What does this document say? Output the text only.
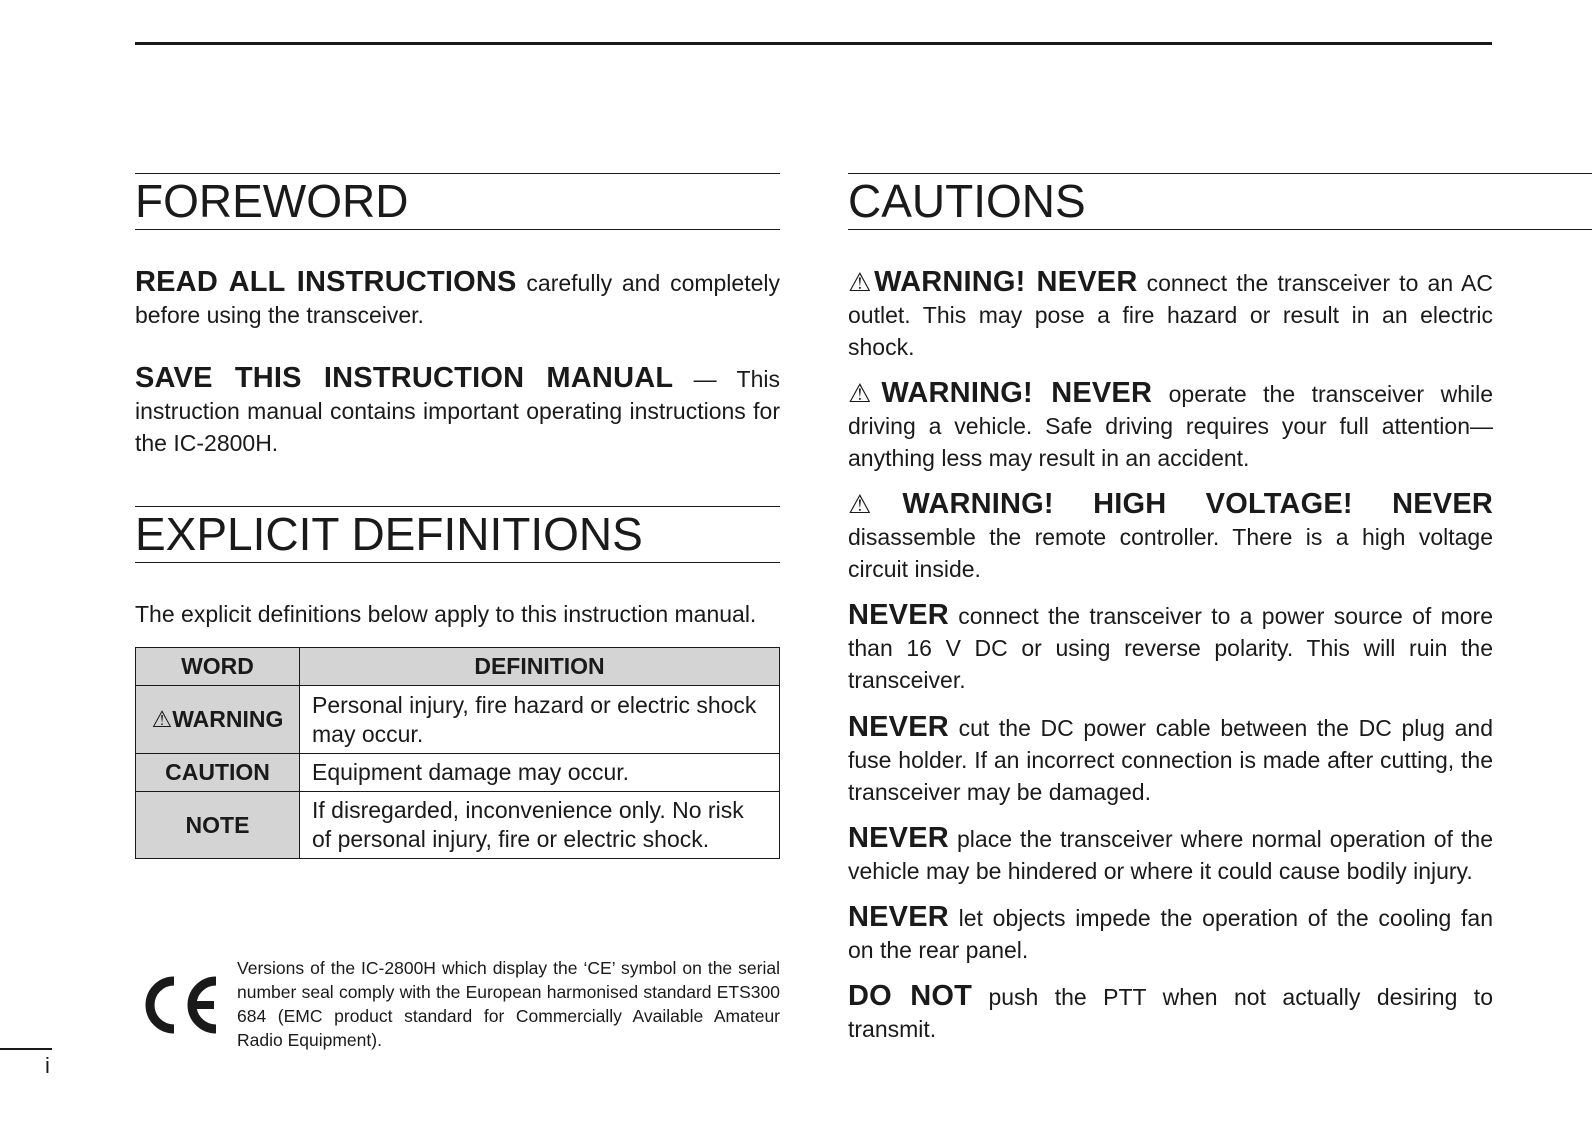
FOREWORD

READ ALL INSTRUCTIONS carefully and completely before using the transceiver.

SAVE THIS INSTRUCTION MANUAL — This instruction manual contains important operating instructions for the IC-2800H.

EXPLICIT DEFINITIONS

The explicit definitions below apply to this instruction manual.

WORD	DEFINITION
⚠WARNING	Personal injury, fire hazard or electric shock may occur.
CAUTION	Equipment damage may occur.
NOTE	If disregarded, inconvenience only. No risk of personal injury, fire or electric shock.

Versions of the IC-2800H which display the ‘CE’ symbol on the serial number seal comply with the European harmonised standard ETS300 684 (EMC product standard for Commercially Available Amateur Radio Equipment).

i
CAUTIONS

⚠WARNING! NEVER connect the transceiver to an AC outlet. This may pose a fire hazard or result in an electric shock.

⚠WARNING! NEVER operate the transceiver while driving a vehicle. Safe driving requires your full attention—anything less may result in an accident.

⚠WARNING! HIGH VOLTAGE! NEVER disassemble the remote controller. There is a high voltage circuit inside.

NEVER connect the transceiver to a power source of more than 16 V DC or using reverse polarity. This will ruin the transceiver.

NEVER cut the DC power cable between the DC plug and fuse holder. If an incorrect connection is made after cutting, the transceiver may be damaged.

NEVER place the transceiver where normal operation of the vehicle may be hindered or where it could cause bodily injury.

NEVER let objects impede the operation of the cooling fan on the rear panel.

DO NOT push the PTT when not actually desiring to transmit.
